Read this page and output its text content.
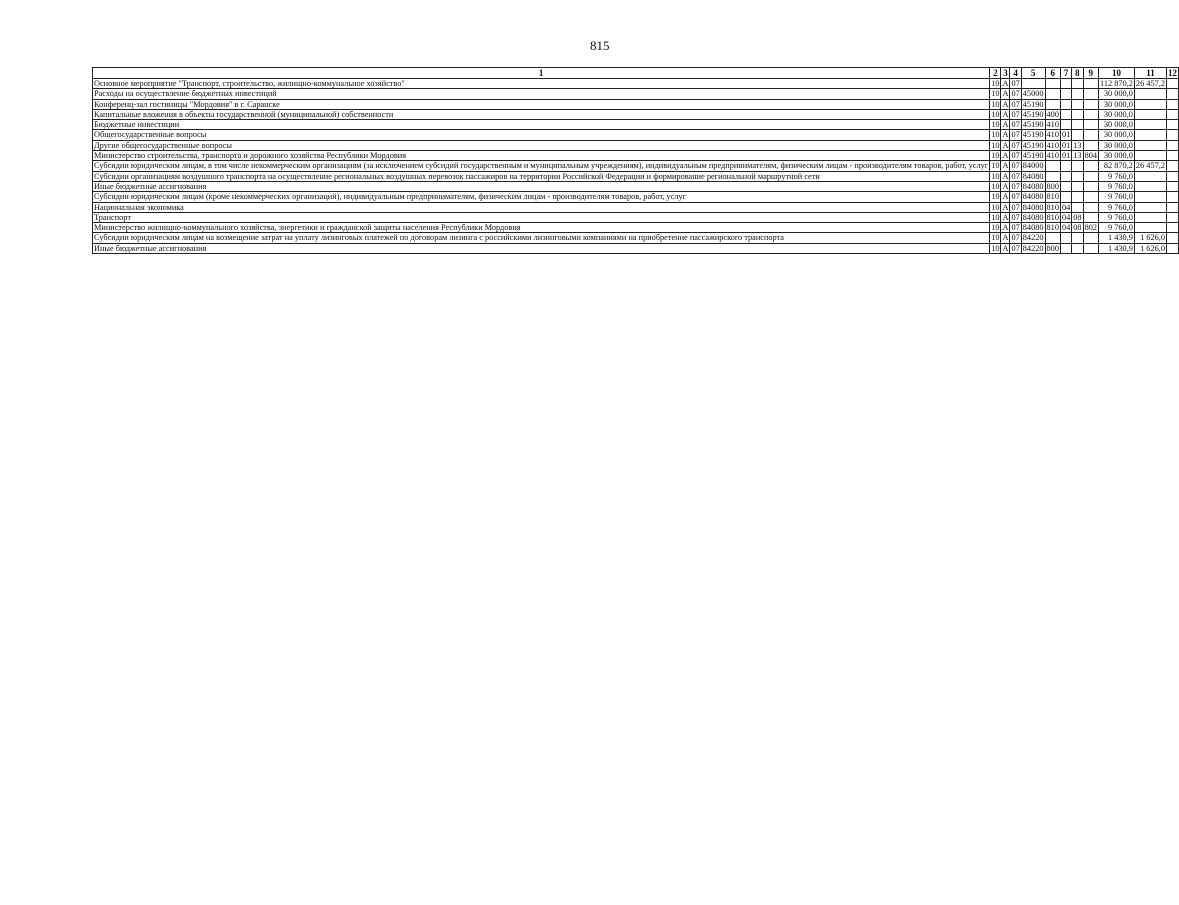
815
1	2	3	4	5	6	7	8	9	10	11	12
Основное мероприятие "Транспорт, строительство, жилищно-коммунальное хозяйство"	10	А	07						112 870,2	26 457,2	
Расходы на осуществление бюджетных инвестиций	10	А	07	45000					30 000,0		
Конференц-зал гостиницы "Мордовия" в г. Саранске	10	А	07	45190					30 000,0		
Капитальные вложения в объекты государственной (муниципальной) собственности	10	А	07	45190	400				30 000,0		
Бюджетные инвестиции	10	А	07	45190	410				30 000,0		
Общегосударственные вопросы	10	А	07	45190	410	01			30 000,0		
Другие общегосударственные вопросы	10	А	07	45190	410	01	13		30 000,0		
Министерство строительства, транспорта и дорожного хозяйства Республики Мордовия	10	А	07	45190	410	01	13	804	30 000,0		
Субсидии юридическим лицам, в том числе некоммерческим организациям (за исключением субсидий государственным и муниципальным учреждениям), индивидуальным предпринимателям, физическим лицам - производителям товаров, работ, услуг	10	А	07	84000					82 870,2	26 457,2	
Субсидии организациям воздушного транспорта на осуществление региональных воздушных перевозок пассажиров на территории Российской Федерации и формирование региональной маршрутной сети	10	А	07	84080					9 760,0		
Иные бюджетные ассигнования	10	А	07	84080	800				9 760,0		
Субсидии юридическим лицам (кроме некоммерческих организаций), индивидуальным предпринимателям, физическим лицам - производителям товаров, работ, услуг	10	А	07	84080	810				9 760,0		
Национальная экономика	10	А	07	84080	810	04			9 760,0		
Транспорт	10	А	07	84080	810	04	08		9 760,0		
Министерство жилищно-коммунального хозяйства, энергетики и гражданской защиты населения Республики Мордовия	10	А	07	84080	810	04	08	802	9 760,0		
Субсидии юридическим лицам на возмещение затрат на уплату лизинговых платежей по договорам лизинга с российскими лизинговыми компаниями на приобретение пассажирского транспорта	10	А	07	84220					1 430,9	1 626,0	
Иные бюджетные ассигнования	10	А	07	84220	800				1 430,9	1 626,0	
